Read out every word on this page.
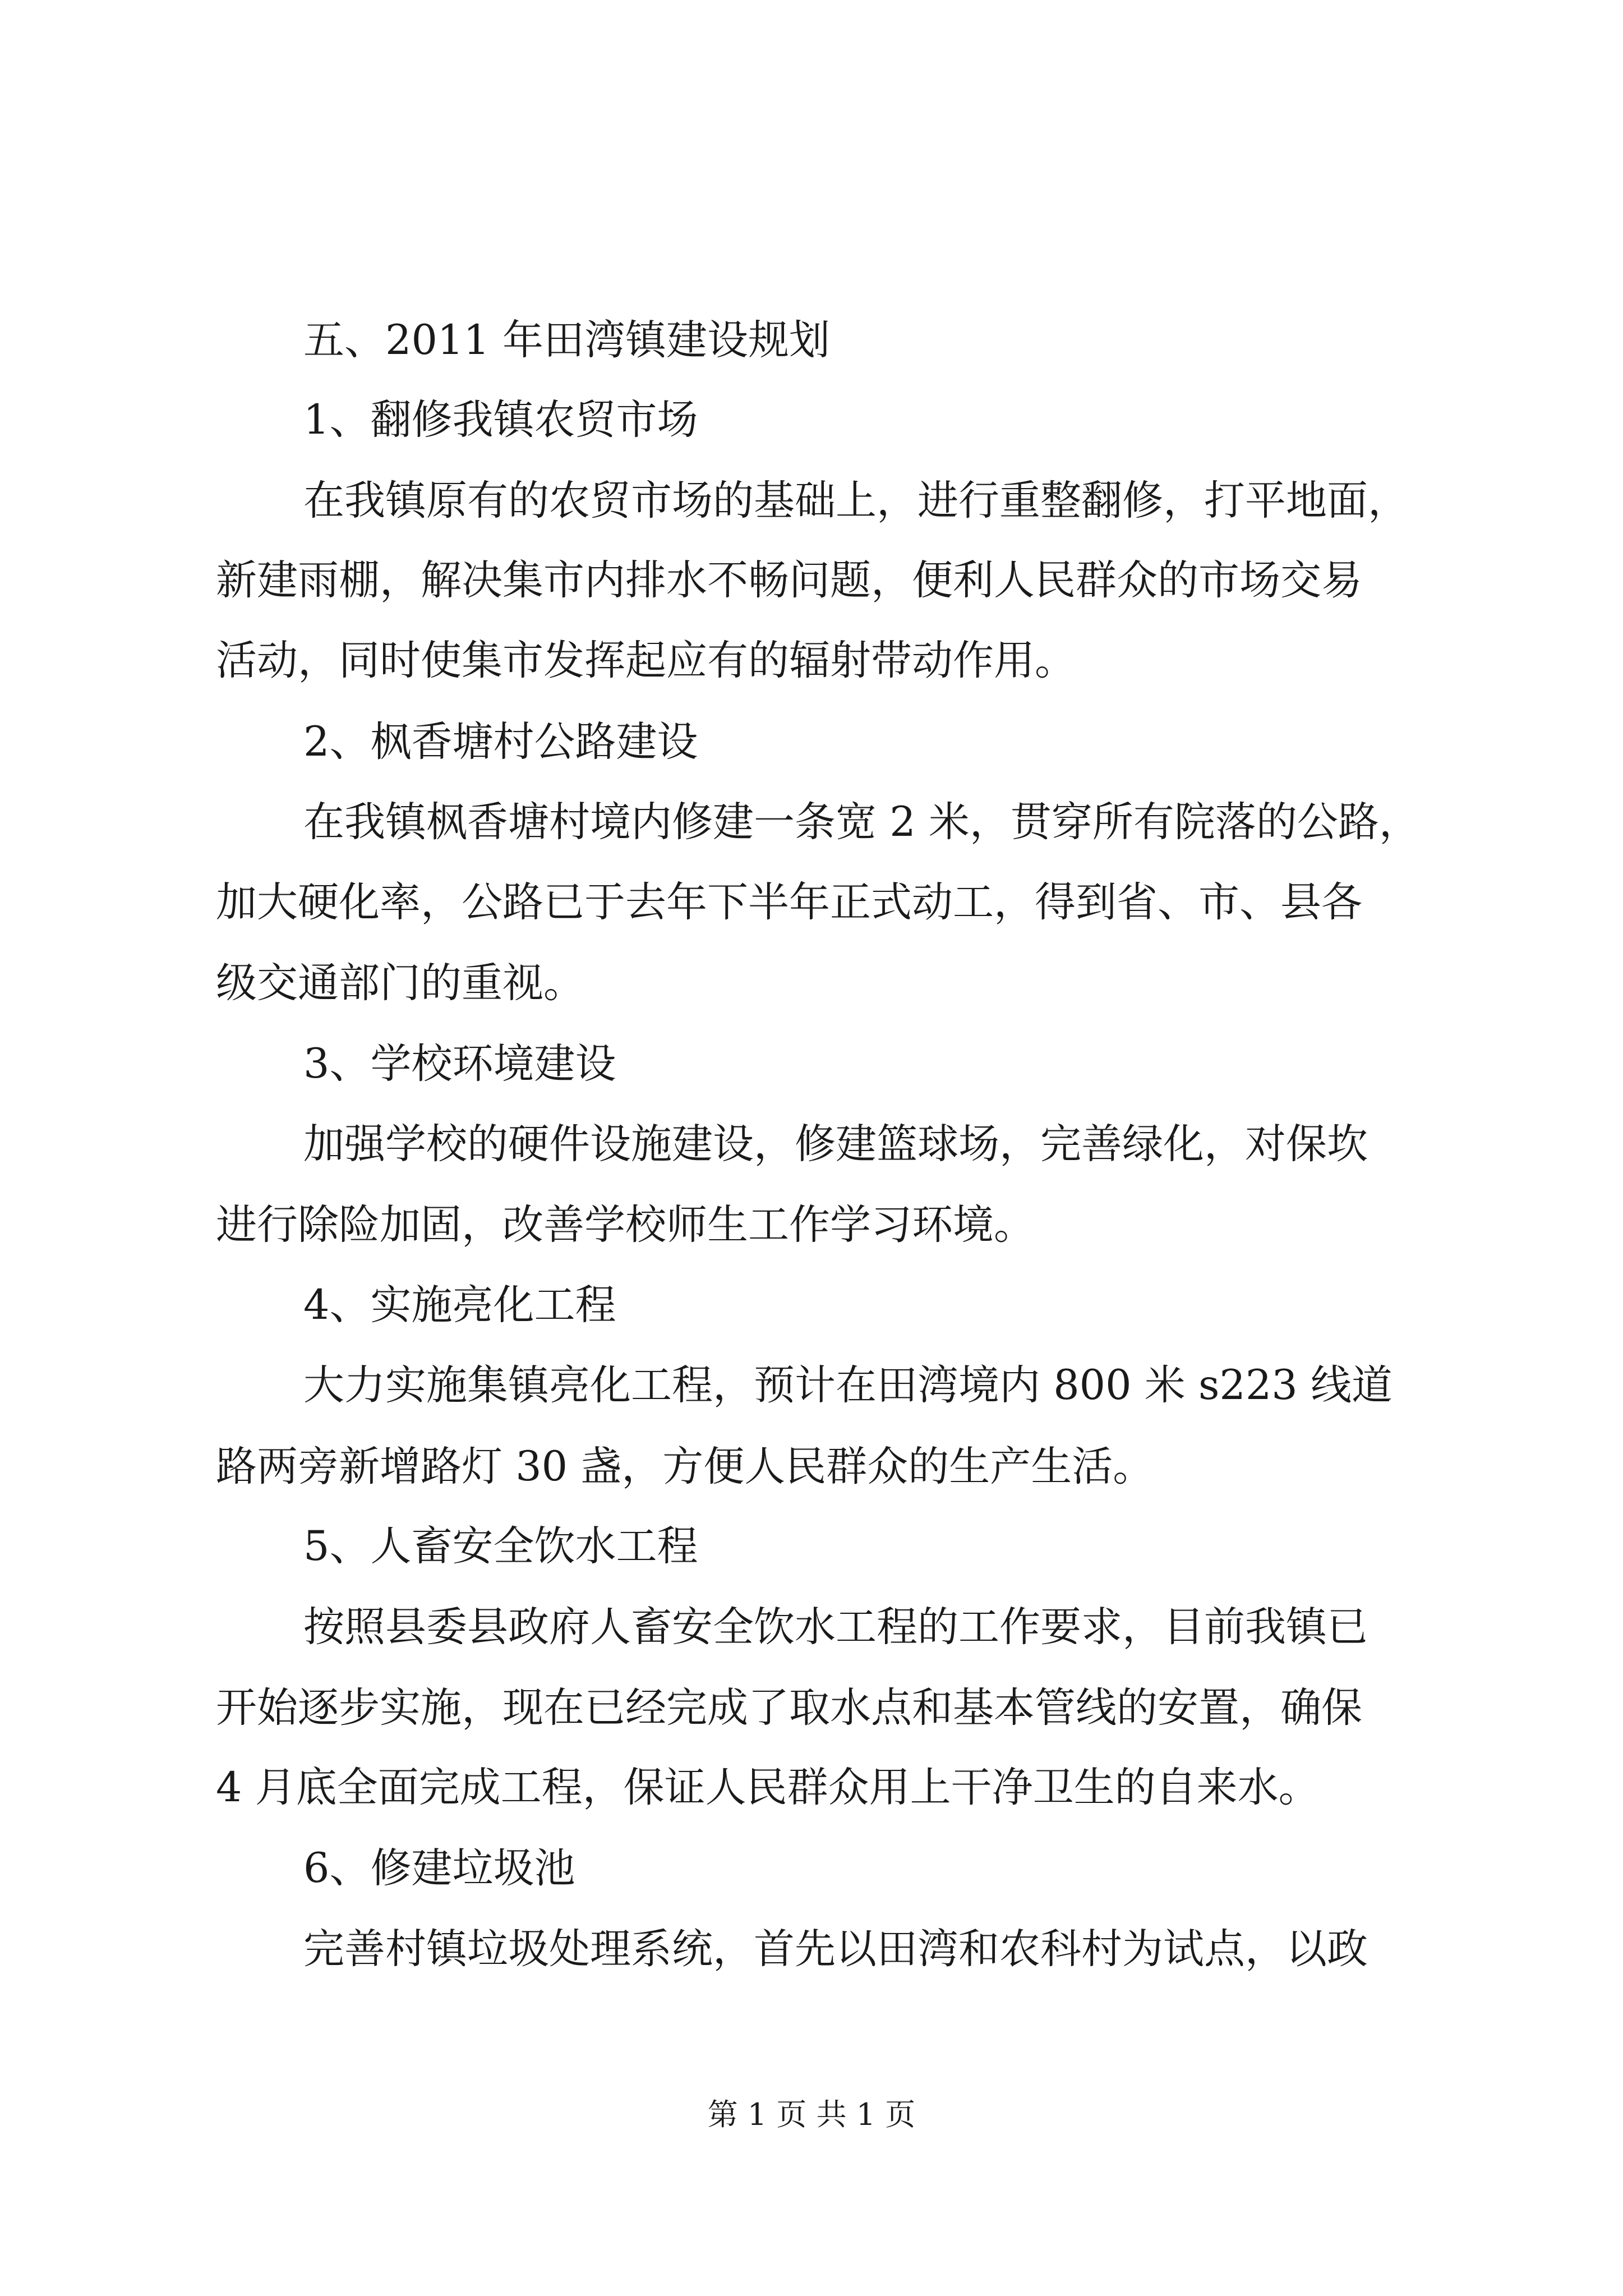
五、2011 年田湾镇建设规划
1、翻修我镇农贸市场
在我镇原有的农贸市场的基础上，进行重整翻修，打平地面，
新建雨棚，解决集市内排水不畅问题，便利人民群众的市场交易
活动，同时使集市发挥起应有的辐射带动作用。
2、枫香塘村公路建设
在我镇枫香塘村境内修建一条宽 2 米，贯穿所有院落的公路，
加大硬化率，公路已于去年下半年正式动工，得到省、市、县各
级交通部门的重视。
3、学校环境建设
加强学校的硬件设施建设，修建篮球场，完善绿化，对保坎
进行除险加固，改善学校师生工作学习环境。
4、实施亮化工程
大力实施集镇亮化工程，预计在田湾境内 800 米 s223 线道
路两旁新增路灯 30 盏，方便人民群众的生产生活。
5、人畜安全饮水工程
按照县委县政府人畜安全饮水工程的工作要求，目前我镇已
开始逐步实施，现在已经完成了取水点和基本管线的安置，确保
4 月底全面完成工程，保证人民群众用上干净卫生的自来水。
6、修建垃圾池
完善村镇垃圾处理系统，首先以田湾和农科村为试点，以政
第 1 页 共 1 页
